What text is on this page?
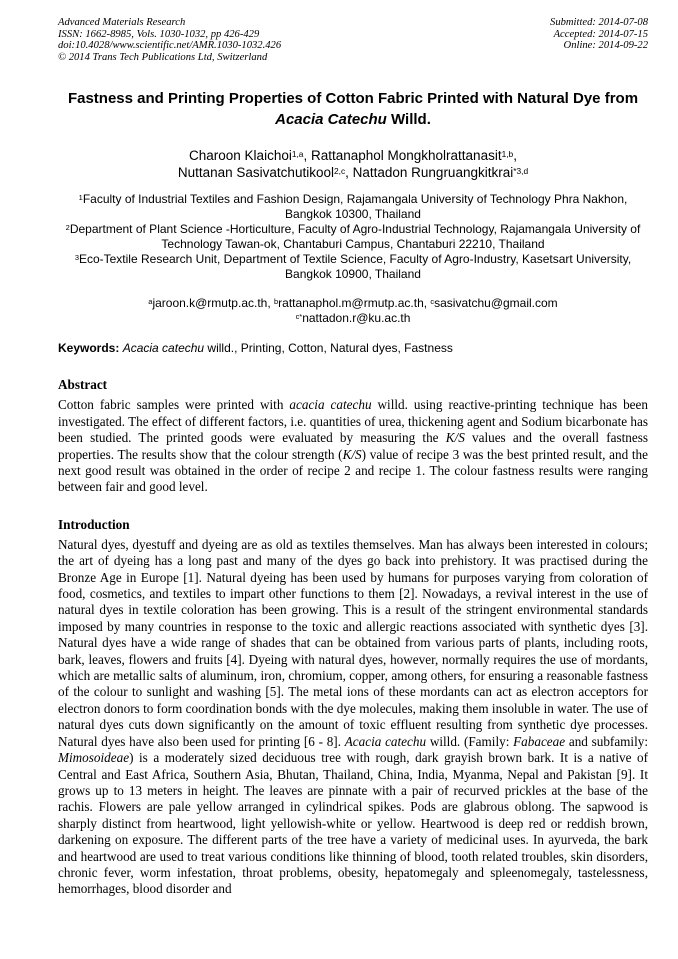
Advanced Materials Research
ISSN: 1662-8985, Vols. 1030-1032, pp 426-429
doi:10.4028/www.scientific.net/AMR.1030-1032.426
© 2014 Trans Tech Publications Ltd, Switzerland
Submitted: 2014-07-08
Accepted: 2014-07-15
Online: 2014-09-22
Fastness and Printing Properties of Cotton Fabric Printed with Natural Dye from Acacia Catechu Willd.
Charoon Klaichoi$^{1,a}$, Rattanaphol Mongkholrattanasit$^{1,b}$,
Nuttanan Sasivatchutikool$^{2,c}$, Nattadon Rungruangkitkrai$^{*3,d}$
$^1$Faculty of Industrial Textiles and Fashion Design, Rajamangala University of Technology Phra Nakhon, Bangkok 10300, Thailand
$^2$Department of Plant Science -Horticulture, Faculty of Agro-Industrial Technology, Rajamangala University of Technology Tawan-ok, Chantaburi Campus, Chantaburi 22210, Thailand
$^3$Eco-Textile Research Unit, Department of Textile Science, Faculty of Agro-Industry, Kasetsart University, Bangkok 10900, Thailand
$^a$jaroon.k@rmutp.ac.th, $^b$rattanaphol.m@rmutp.ac.th, $^c$sasivatchu@gmail.com
$^{c*}$nattadon.r@ku.ac.th

Keywords: Acacia catechu willd., Printing, Cotton, Natural dyes, Fastness

Abstract

Cotton fabric samples were printed with acacia catechu willd. using reactive-printing technique has been investigated. The effect of different factors, i.e. quantities of urea, thickening agent and Sodium bicarbonate has been studied. The printed goods were evaluated by measuring the K/S values and the overall fastness properties. The results show that the colour strength (K/S) value of recipe 3 was the best printed result, and the next good result was obtained in the order of recipe 2 and recipe 1. The colour fastness results were ranging between fair and good level.

Introduction

Natural dyes, dyestuff and dyeing are as old as textiles themselves. Man has always been interested in colours; the art of dyeing has a long past and many of the dyes go back into prehistory. It was practised during the Bronze Age in Europe [1]. Natural dyeing has been used by humans for purposes varying from coloration of food, cosmetics, and textiles to impart other functions to them [2]. Nowadays, a revival interest in the use of natural dyes in textile coloration has been growing. This is a result of the stringent environmental standards imposed by many countries in response to the toxic and allergic reactions associated with synthetic dyes [3]. Natural dyes have a wide range of shades that can be obtained from various parts of plants, including roots, bark, leaves, flowers and fruits [4]. Dyeing with natural dyes, however, normally requires the use of mordants, which are metallic salts of aluminum, iron, chromium, copper, among others, for ensuring a reasonable fastness of the colour to sunlight and washing [5]. The metal ions of these mordants can act as electron acceptors for electron donors to form coordination bonds with the dye molecules, making them insoluble in water. The use of natural dyes cuts down significantly on the amount of toxic effluent resulting from synthetic dye processes. Natural dyes have also been used for printing [6 - 8]. Acacia catechu willd. (Family: Fabaceae and subfamily: Mimosoideae) is a moderately sized deciduous tree with rough, dark grayish brown bark. It is a native of Central and East Africa, Southern Asia, Bhutan, Thailand, China, India, Myanma, Nepal and Pakistan [9]. It grows up to 13 meters in height. The leaves are pinnate with a pair of recurved prickles at the base of the rachis. Flowers are pale yellow arranged in cylindrical spikes. Pods are glabrous oblong. The sapwood is sharply distinct from heartwood, light yellowish-white or yellow. Heartwood is deep red or reddish brown, darkening on exposure. The different parts of the tree have a variety of medicinal uses. In ayurveda, the bark and heartwood are used to treat various conditions like thinning of blood, tooth related troubles, skin disorders, chronic fever, worm infestation, throat problems, obesity, hepatomegaly and spleenomegaly, tastelessness, hemorrhages, blood disorder and
